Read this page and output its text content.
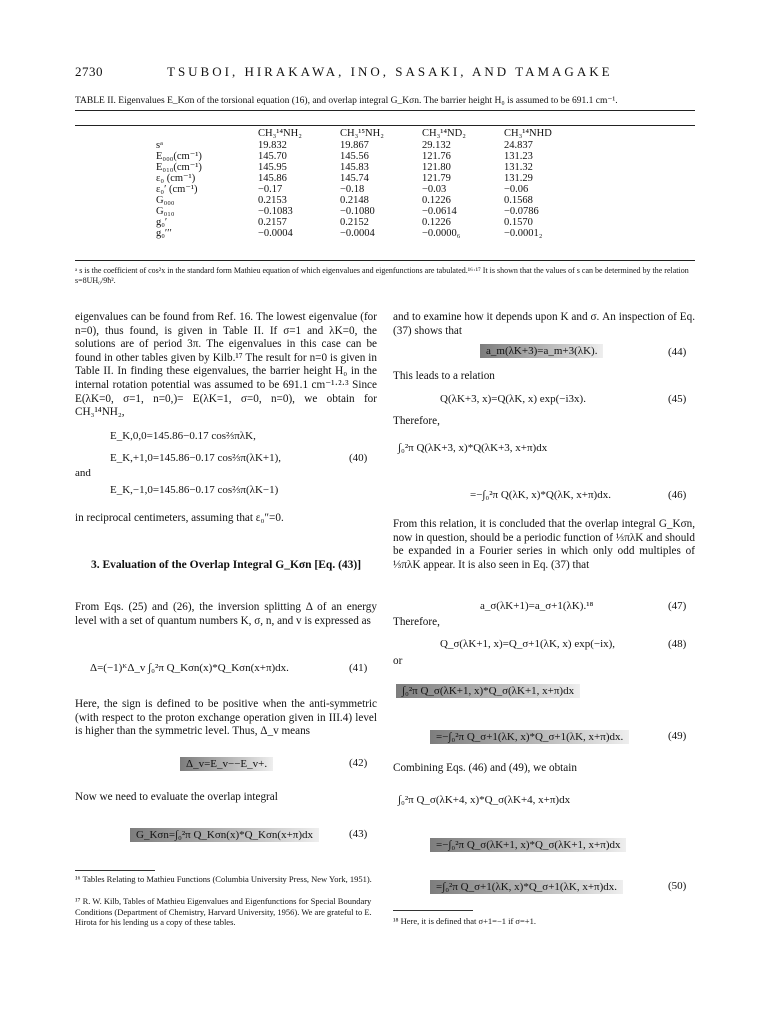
2730	TSUBOI, HIRAKAWA, INO, SASAKI, AND TAMAGAKE
TABLE II. Eigenvalues E_Kσn of the torsional equation (16), and overlap integral G_Kσn. The barrier height H₀ is assumed to be 691.1 cm⁻¹.
	CH₃¹⁴NH₂	CH₃¹⁵NH₂	CH₃¹⁴ND₂	CH₃¹⁴NHD
sᵃ	19.832	19.867	29.132	24.837
E₀₀₀(cm⁻¹)	145.70	145.56	121.76	131.23
E₀₁₀(cm⁻¹)	145.95	145.83	121.80	131.32
ε₀ (cm⁻¹)	145.86	145.74	121.79	131.29
ε₀′ (cm⁻¹)	−0.17	−0.18	−0.03	−0.06
G₀₀₀	0.2153	0.2148	0.1226	0.1568
G₀₁₀	−0.1083	−0.1080	−0.0614	−0.0786
g₀′	0.2157	0.2152	0.1226	0.1570
g₀′′′	−0.0004	−0.0004	−0.0000₆	−0.0001₂
ᵃ s is the coefficient of cos²x in the standard form Mathieu equation of which eigenvalues and eigenfunctions are tabulated.¹⁶·¹⁷ It is shown that the values of s can be determined by the relation s=8UH₀/9ħ².

eigenvalues can be found from Ref. 16. The lowest eigenvalue (for n=0), thus found, is given in Table II. If σ=1 and λK=0, the solutions are of period 3π. The eigenvalues in this case can be found in other tables given by Kilb.¹⁷ The result for n=0 is given in Table II. In finding these eigenvalues, the barrier height H₀ in the internal rotation potential was assumed to be 691.1 cm⁻¹·²·³ Since E(λK=0, σ=1, n=0,)= E(λK=1, σ=0, n=0), we obtain for CH₃¹⁴NH₂,

E_K,0,0=145.86−0.17 cos⅔πλK,
E_K,+1,0=145.86−0.17 cos⅔π(λK+1),	(40)
and
E_K,−1,0=145.86−0.17 cos⅔π(λK−1)

in reciprocal centimeters, assuming that ε₀″=0.

3. Evaluation of the Overlap Integral G_Kσn [Eq. (43)]

From Eqs. (25) and (26), the inversion splitting Δ of an energy level with a set of quantum numbers K, σ, n, and v is expressed as

Δ=(−1)ᴷΔ_v ∫₀²π Q_Kσn(x)*Q_Kσn(x+π)dx.	(41)

Here, the sign is defined to be positive when the anti-symmetric (with respect to the proton exchange operation given in III.4) level is higher than the symmetric level. Thus, Δ_v means

Δ_v=E_v−−E_v+.	(42)

Now we need to evaluate the overlap integral

G_Kσn=∫₀²π Q_Kσn(x)*Q_Kσn(x+π)dx	(43)
¹⁶ Tables Relating to Mathieu Functions (Columbia University Press, New York, 1951).
¹⁷ R. W. Kilb, Tables of Mathieu Eigenvalues and Eigenfunctions for Special Boundary Conditions (Department of Chemistry, Harvard University, 1956). We are grateful to E. Hirota for his lending us a copy of these tables.

and to examine how it depends upon K and σ. An inspection of Eq. (37) shows that

a_m(λK+3)=a_m+3(λK).	(44)

This leads to a relation

Q(λK+3, x)=Q(λK, x) exp(−i3x).	(45)

Therefore,

∫₀²π Q(λK+3, x)*Q(λK+3, x+π)dx
=−∫₀²π Q(λK, x)*Q(λK, x+π)dx.	(46)

From this relation, it is concluded that the overlap integral G_Kσn, now in question, should be a periodic function of ⅓πλK and should be expanded in a Fourier series in which only odd multiples of ⅓πλK appear. It is also seen in Eq. (37) that

a_σ(λK+1)=a_σ+1(λK).¹⁸	(47)

Therefore,

Q_σ(λK+1, x)=Q_σ+1(λK, x) exp(−ix),	(48)

or

∫₀²π Q_σ(λK+1, x)*Q_σ(λK+1, x+π)dx
=−∫₀²π Q_σ+1(λK, x)*Q_σ+1(λK, x+π)dx.	(49)

Combining Eqs. (46) and (49), we obtain

∫₀²π Q_σ(λK+4, x)*Q_σ(λK+4, x+π)dx
=−∫₀²π Q_σ(λK+1, x)*Q_σ(λK+1, x+π)dx
=∫₀²π Q_σ+1(λK, x)*Q_σ+1(λK, x+π)dx.	(50)
¹⁸ Here, it is defined that σ+1=−1 if σ=+1.
